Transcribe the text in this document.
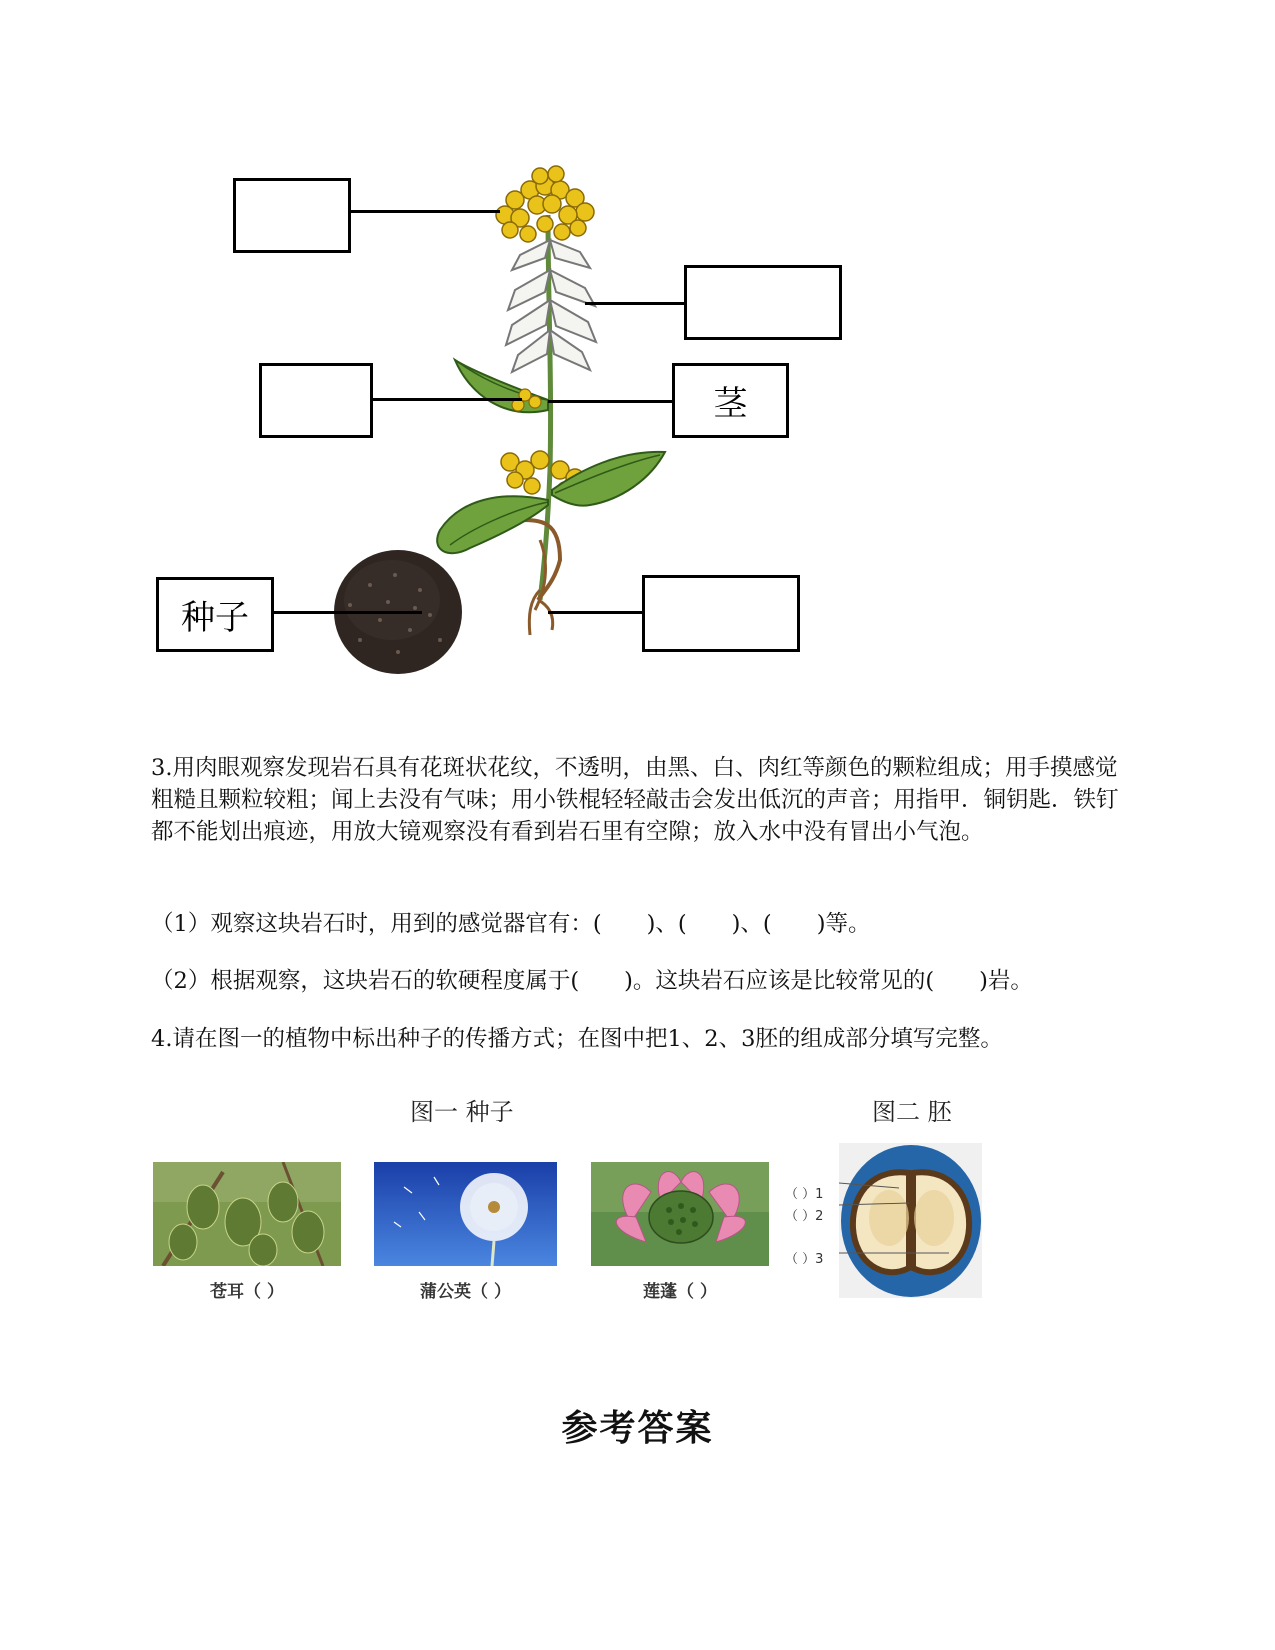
茎
种子
3.用肉眼观察发现岩石具有花斑状花纹，不透明，由黑、白、肉红等颜色的颗粒组成；用手摸感觉粗糙且颗粒较粗；闻上去没有气味；用小铁棍轻轻敲击会发出低沉的声音；用指甲．铜钥匙．铁钉都不能划出痕迹，用放大镜观察没有看到岩石里有空隙；放入水中没有冒出小气泡。
（1）观察这块岩石时，用到的感觉器官有：(　　)、(　　)、(　　)等。
（2）根据观察，这块岩石的软硬程度属于(　　)。这块岩石应该是比较常见的(　　)岩。
4.请在图一的植物中标出种子的传播方式；在图中把1、2、3胚的组成部分填写完整。
图一 种子	图二 胚
苍耳（ ）	蒲公英（ ）	莲蓬（ ）
（ ）1
（ ）2
（ ）3
参考答案
